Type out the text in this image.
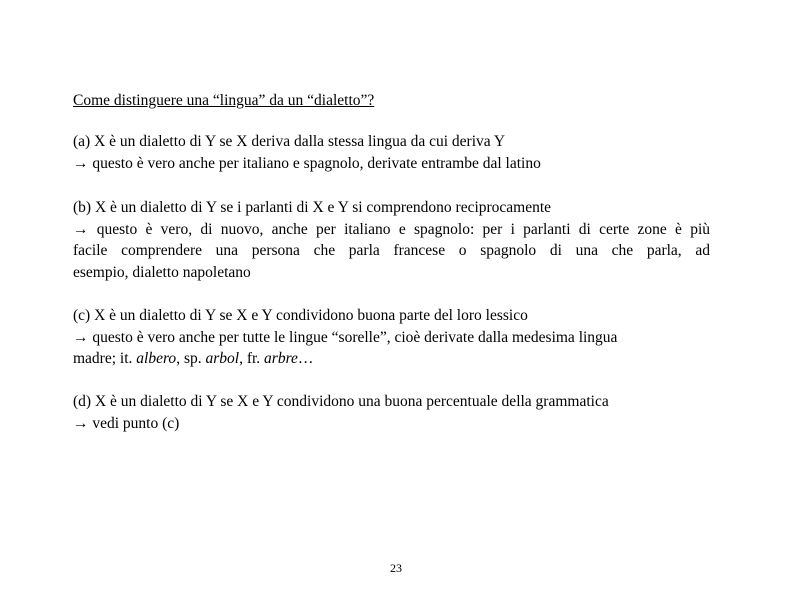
Come distinguere una “lingua” da un “dialetto”?
(a) X è un dialetto di Y se X deriva dalla stessa lingua da cui deriva Y
→ questo è vero anche per italiano e spagnolo, derivate entrambe dal latino
(b) X è un dialetto di Y se i parlanti di X e Y si comprendono reciprocamente
→ questo è vero, di nuovo, anche per italiano e spagnolo: per i parlanti di certe zone è più
facile comprendere una persona che parla francese o spagnolo di una che parla, ad
esempio, dialetto napoletano
(c) X è un dialetto di Y se X e Y condividono buona parte del loro lessico
→ questo è vero anche per tutte le lingue “sorelle”, cioè derivate dalla medesima lingua
madre; it. albero, sp. arbol, fr. arbre…
(d) X è un dialetto di Y se X e Y condividono una buona percentuale della grammatica
→ vedi punto (c)
23
